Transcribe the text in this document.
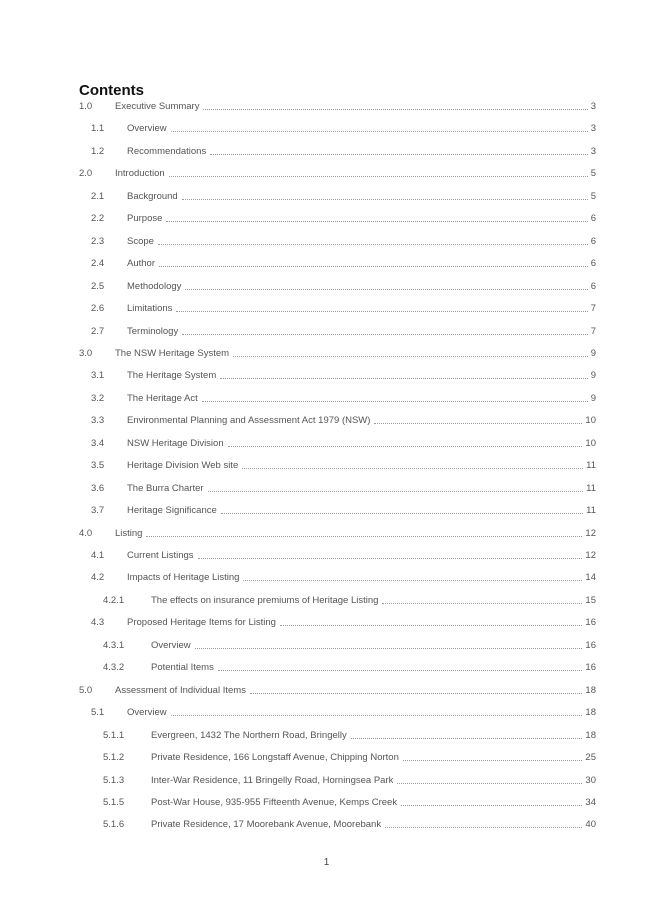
Contents
1.0 Executive Summary	3
1.1 Overview	3
1.2 Recommendations	3
2.0 Introduction	5
2.1 Background	5
2.2 Purpose	6
2.3 Scope	6
2.4 Author	6
2.5 Methodology	6
2.6 Limitations	7
2.7 Terminology	7
3.0 The NSW Heritage System	9
3.1 The Heritage System	9
3.2 The Heritage Act	9
3.3 Environmental Planning and Assessment Act 1979 (NSW)	10
3.4 NSW Heritage Division	10
3.5 Heritage Division Web site	11
3.6 The Burra Charter	11
3.7 Heritage Significance	11
4.0 Listing	12
4.1 Current Listings	12
4.2 Impacts of Heritage Listing	14
4.2.1	The effects on insurance premiums of Heritage Listing	15
4.3 Proposed Heritage Items for Listing	16
4.3.1	Overview	16
4.3.2	Potential Items	16
5.0 Assessment of Individual Items	18
5.1 Overview	18
5.1.1	Evergreen, 1432 The Northern Road, Bringelly	18
5.1.2	Private Residence, 166 Longstaff Avenue, Chipping Norton	25
5.1.3	Inter-War Residence, 11 Bringelly Road, Horningsea Park	30
5.1.5	Post-War House, 935-955 Fifteenth Avenue, Kemps Creek	34
5.1.6	Private Residence, 17 Moorebank Avenue, Moorebank	40
1
